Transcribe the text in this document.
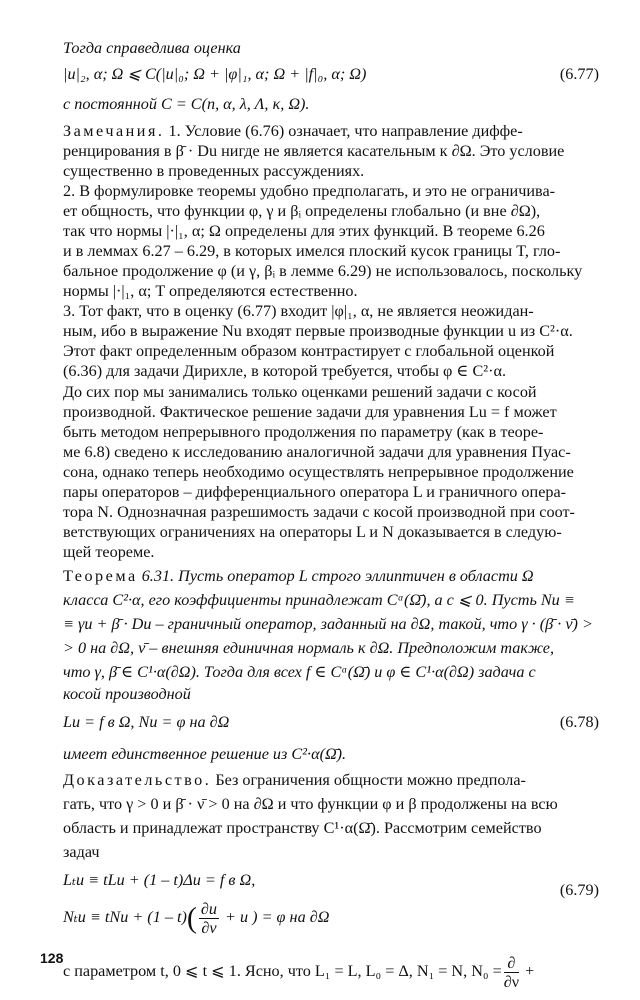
Тогда справедлива оценка
|u|₂, α; Ω ⩽ C(|u|₀; Ω + |φ|₁, α; Ω + |f|₀, α; Ω)	(6.77)
с постоянной C = C(n, α, λ, Λ, κ, Ω).
Замечания. 1. Условие (6.76) означает, что направление диффе-
ренцирования в β̄ · Du нигде не является касательным к ∂Ω. Это условие
существенно в проведенных рассуждениях.
2. В формулировке теоремы удобно предполагать, и это не ограничива-
ет общность, что функции φ, γ и βᵢ определены глобально (и вне ∂Ω),
так что нормы |·|₁, α; Ω определены для этих функций. В теореме 6.26
и в леммах 6.27 – 6.29, в которых имелся плоский кусок границы T, гло-
бальное продолжение φ (и γ, βᵢ в лемме 6.29) не использовалось, поскольку нормы |·|₁, α; T определяются естественно.
3. Тот факт, что в оценку (6.77) входит |φ|₁, α, не является неожидан-
ным, ибо в выражение Nu входят первые производные функции u из C²·α.
Этот факт определенным образом контрастирует с глобальной оценкой
(6.36) для задачи Дирихле, в которой требуется, чтобы φ ∈ C²·α.
До сих пор мы занимались только оценками решений задачи с косой
производной. Фактическое решение задачи для уравнения Lu = f может
быть методом непрерывного продолжения по параметру (как в теоре-
ме 6.8) сведено к исследованию аналогичной задачи для уравнения Пуас-
сона, однако теперь необходимо осуществлять непрерывное продолжение
пары операторов – дифференциального оператора L и граничного опера-
тора N. Однозначная разрешимость задачи с косой производной при соот-
ветствующих ограничениях на операторы L и N доказывается в следую-
щей теореме.
Теорема 6.31. Пусть оператор L строго эллиптичен в области Ω
класса C²·α, его коэффициенты принадлежат Cᵅ(Ω̄), а c ⩽ 0. Пусть Nu ≡
≡ γu + β̄ · Du – граничный оператор, заданный на ∂Ω, такой, что γ · (β̄ · ν̄) >
> 0 на ∂Ω, ν̄ – внешняя единичная нормаль к ∂Ω. Предположим также,
что γ, β̄ ∈ C¹·α(∂Ω). Тогда для всех f ∈ Cᵅ(Ω̄) и φ ∈ C¹·α(∂Ω) задача с
косой производной
Lu = f в Ω, Nu = φ на ∂Ω	(6.78)
имеет единственное решение из C²·α(Ω̄).
Доказательство. Без ограничения общности можно предпола-
гать, что γ > 0 и β̄ · ν̄ > 0 на ∂Ω и что функции φ и β продолжены на всю
область и принадлежат пространству C¹·α(Ω̄). Рассмотрим семейство
задач
Lₜu ≡ tLu + (1 – t)Δu = f в Ω,
Nₜu ≡ tNu + $(1 - t)( \frac{\partial u}{\partial\nu} + u$ ) = φ на ∂Ω
(6.79)
с параметром t, 0 ⩽ t ⩽ 1. Ясно, что L₁ = L, L₀ = Δ, N₁ = N, $N_0 = \frac{\partial}{\partial\nu}$ +
128
